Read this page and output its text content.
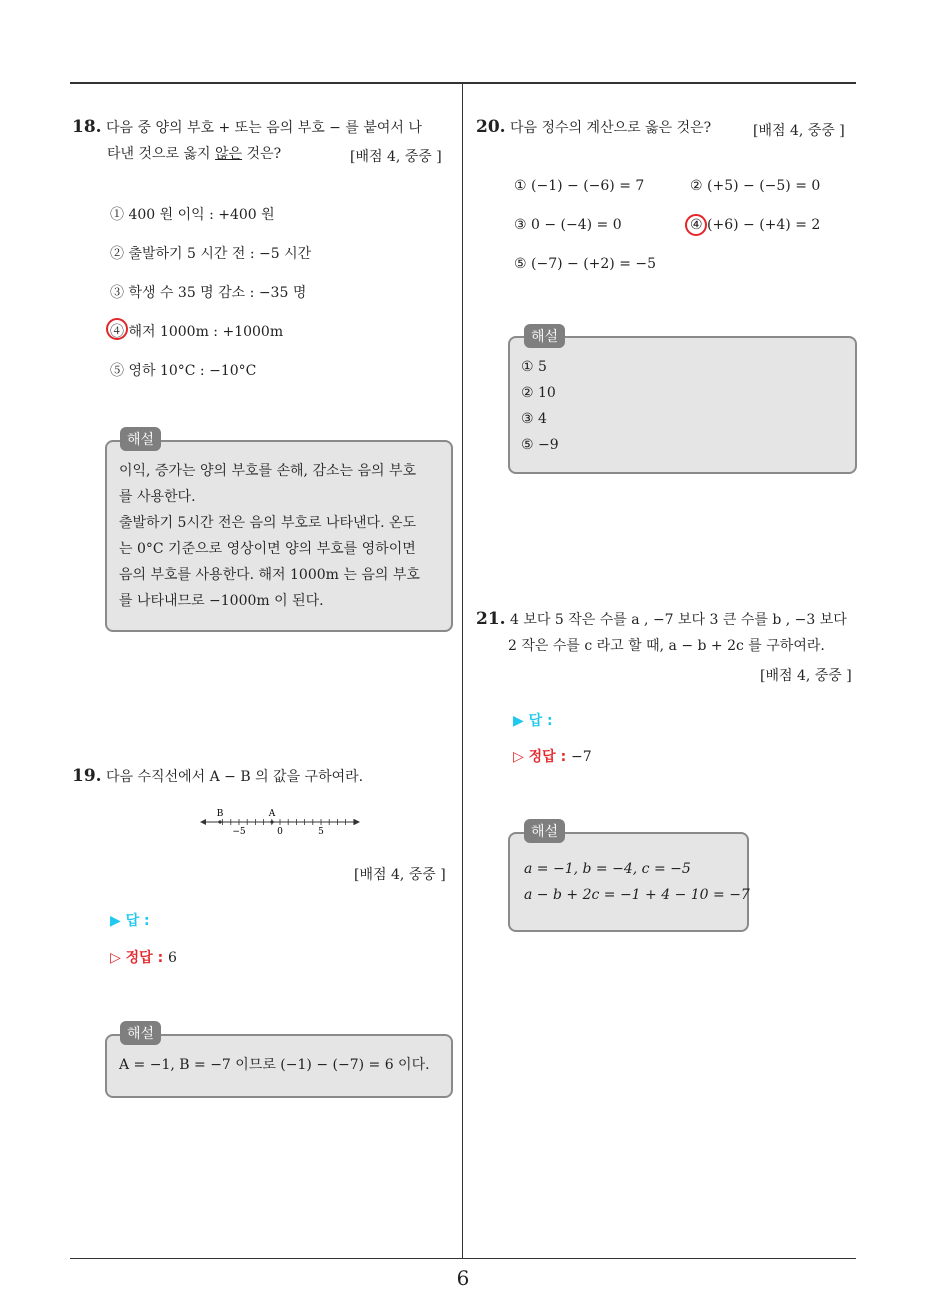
18. 다음 중 양의 부호 + 또는 음의 부호 − 를 붙여서 나
타낸 것으로 옳지 않은 것은?	[배점 4, 중중 ]
① 400 원 이익 : +400 원
② 출발하기 5 시간 전 : −5 시간
③ 학생 수 35 명 감소 : −35 명
④ 해저 1000m : +1000m
⑤ 영하 10°C : −10°C
해설
이익, 증가는 양의 부호를 손해, 감소는 음의 부호
를 사용한다.
출발하기 5시간 전은 음의 부호로 나타낸다. 온도
는 0°C 기준으로 영상이면 양의 부호를 영하이면
음의 부호를 사용한다. 해저 1000m 는 음의 부호
를 나타내므로 −1000m 이 된다.
19. 다음 수직선에서 A − B 의 값을 구하여라.
B	A
−5	0	5
[배점 4, 중중 ]
▶ 답 :
▷ 정답 : 6
해설
A = −1, B = −7 이므로 (−1) − (−7) = 6 이다.
20. 다음 정수의 계산으로 옳은 것은?	[배점 4, 중중 ]
① (−1) − (−6) = 7	② (+5) − (−5) = 0
③ 0 − (−4) = 0	④ (+6) − (+4) = 2
⑤ (−7) − (+2) = −5
해설
① 5
② 10
③ 4
⑤ −9
21. 4 보다 5 작은 수를 a , −7 보다 3 큰 수를 b , −3 보다
2 작은 수를 c 라고 할 때, a − b + 2c 를 구하여라.
[배점 4, 중중 ]
▶ 답 :
▷ 정답 : −7
해설
a = −1, b = −4, c = −5
a − b + 2c = −1 + 4 − 10 = −7
6
